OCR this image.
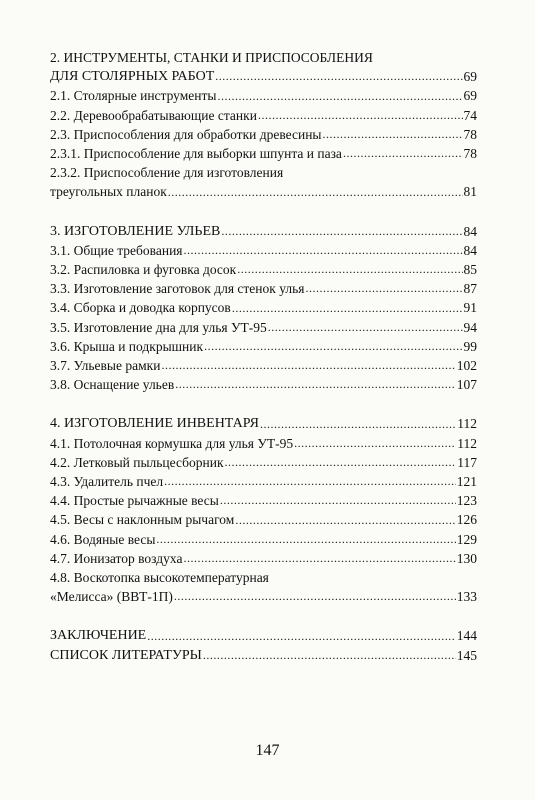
2. ИНСТРУМЕНТЫ, СТАНКИ И ПРИСПОСОБЛЕНИЯ
ДЛЯ СТОЛЯРНЫХ РАБОТ .....	69
2.1. Столярные инструменты .....	69
2.2. Деревообрабатывающие станки .....	74
2.3. Приспособления для обработки древесины .....	78
2.3.1. Приспособление для выборки шпунта и паза .....	78
2.3.2. Приспособление для изготовления
треугольных планок .....	81
3. ИЗГОТОВЛЕНИЕ УЛЬЕВ .....	84
3.1. Общие требования .....	84
3.2. Распиловка и фуговка досок .....	85
3.3. Изготовление заготовок для стенок улья .....	87
3.4. Сборка и доводка корпусов .....	91
3.5. Изготовление дна для улья УТ-95 .....	94
3.6. Крыша и подкрышник .....	99
3.7. Ульевые рамки .....	102
3.8. Оснащение ульев .....	107
4. ИЗГОТОВЛЕНИЕ ИНВЕНТАРЯ .....	112
4.1. Потолочная кормушка для улья УТ-95 .....	112
4.2. Летковый пыльцесборник .....	117
4.3. Удалитель пчел .....	121
4.4. Простые рычажные весы .....	123
4.5. Весы с наклонным рычагом .....	126
4.6. Водяные весы .....	129
4.7. Ионизатор воздуха .....	130
4.8. Воскотопка высокотемпературная
«Мелисса» (ВВТ-1П) .....	133
ЗАКЛЮЧЕНИЕ .....	144
СПИСОК ЛИТЕРАТУРЫ .....	145
147
